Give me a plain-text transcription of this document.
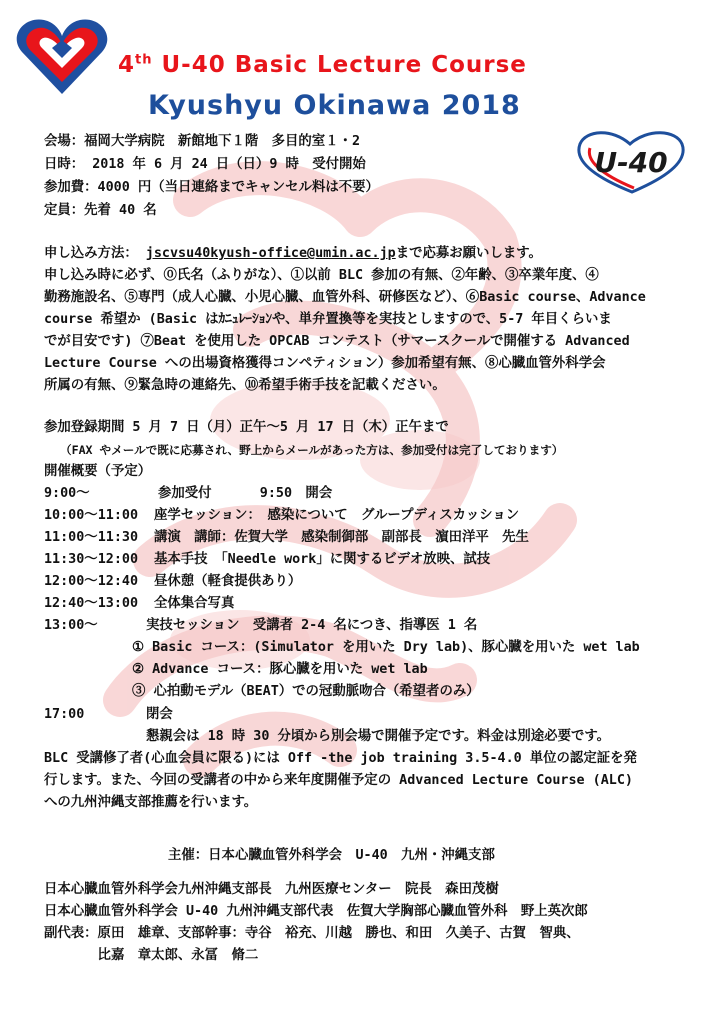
U-40
4th U-40 Basic Lecture Course
Kyushyu Okinawa 2018
会場：福岡大学病院　新館地下１階　多目的室１・2
日時： 2018 年 6 月 24 日（日）9 時　受付開始
参加費：4000 円（当日連絡までキャンセル料は不要）
定員：先着 40 名
申し込み方法： jscvsu40kyush-office@umin.ac.jpまで応募お願いします。
申し込み時に必ず、⓪氏名（ふりがな）、①以前 BLC 参加の有無、②年齢、③卒業年度、④
勤務施設名、⑤専門（成人心臓、小児心臓、血管外科、研修医など）、⑥Basic course、Advance
course 希望か (Basic はｶﾆｭﾚｰｼｮﾝや、単弁置換等を実技としますので、5-7 年目くらいま
でが目安です) ⑦Beat を使用した OPCAB コンテスト（サマースクールで開催する Advanced
Lecture Course への出場資格獲得コンペティション）参加希望有無、⑧心臓血管外科学会
所属の有無、⑨緊急時の連絡先、⑩希望手術手技を記載ください。
参加登録期間 5 月 7 日（月）正午〜5 月 17 日（木）正午まで
（FAX やメールで既に応募され、野上からメールがあった方は、参加受付は完了しております）
開催概要（予定）
9:00〜	参加受付　　　 9:50　開会
10:00〜11:00 座学セッション：　感染について　グループディスカッション
11:00〜11:30 講演　講師：佐賀大学　感染制御部　副部長　濵田洋平　先生
11:30〜12:00 基本手技　「Needle work」に関するビデオ放映、試技
12:00〜12:40 昼休憩（軽食提供あり）
12:40〜13:00 全体集合写真
13:00〜	実技セッション　受講者 2-4 名につき、指導医 1 名
① Basic コース：(Simulator を用いた Dry lab)、豚心臓を用いた wet lab
② Advance コース：豚心臓を用いた wet lab
③ 心拍動モデル（BEAT）での冠動脈吻合（希望者のみ）
17:00	閉会
懇親会は 18 時 30 分頃から別会場で開催予定です。料金は別途必要です。
BLC 受講修了者(心血会員に限る)には Off -the job training 3.5-4.0 単位の認定証を発
行します。また、今回の受講者の中から来年度開催予定の Advanced Lecture Course (ALC)
への九州沖縄支部推薦を行います。
主催：日本心臓血管外科学会　U-40　九州・沖縄支部
日本心臓血管外科学会九州沖縄支部長　九州医療センター　院長　森田茂樹
日本心臓血管外科学会 U-40 九州沖縄支部代表　佐賀大学胸部心臓血管外科　野上英次郎
副代表：原田　雄章、支部幹事：寺谷　裕充、川越　勝也、和田　久美子、古賀　智典、
　　　　比嘉　章太郎、永冨　脩二
